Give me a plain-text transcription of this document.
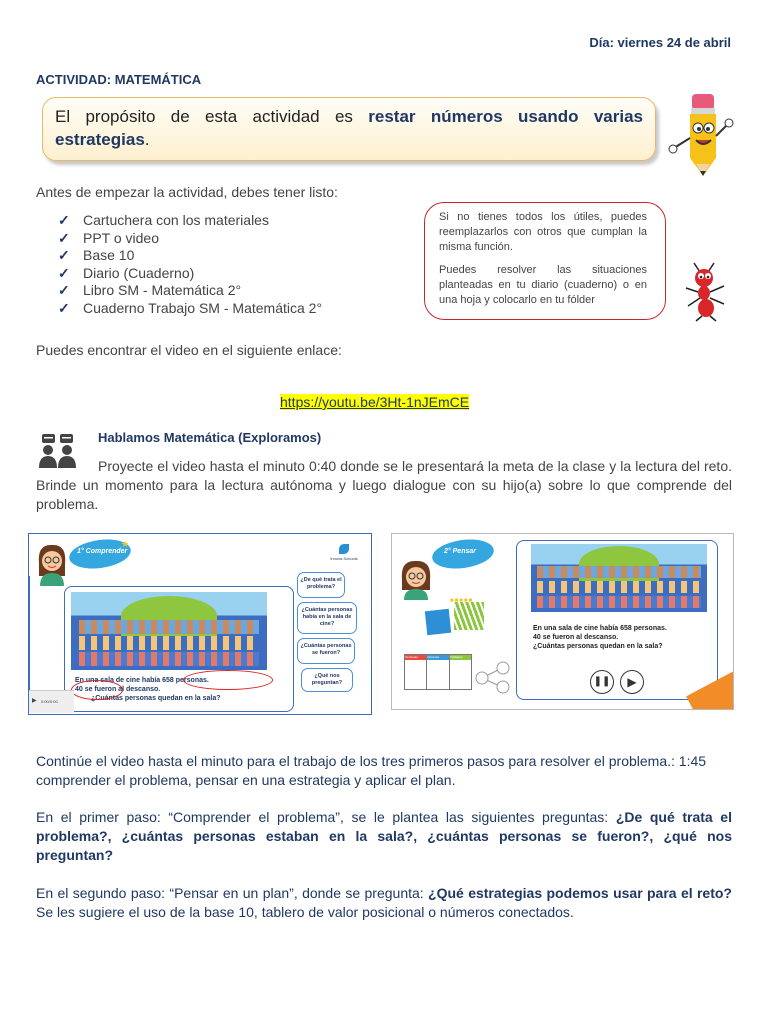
Día: viernes 24 de abril
ACTIVIDAD: MATEMÁTICA
El propósito de esta actividad es restar números usando varias estrategias.
Antes de empezar la actividad, debes tener listo:
✓ Cartuchera con los materiales
✓ PPT o video
✓ Base 10
✓ Diario (Cuaderno)
✓ Libro SM - Matemática 2°
✓ Cuaderno Trabajo SM - Matemática 2°

Si no tienes todos los útiles, puedes reemplazarlos con otros que cumplan la misma función.

Puedes resolver las situaciones planteadas en tu diario (cuaderno) o en una hoja y colocarlo en tu fólder

Puedes encontrar el video en el siguiente enlace:
https://youtu.be/3Ht-1nJEmCE
Hablamos Matemática (Exploramos)
Proyecte el video hasta el minuto 0:40 donde se le presentará la meta de la clase y la lectura del reto. Brinde un momento para la lectura autónoma y luego dialogue con su hijo(a) sobre lo que comprende del problema.
1° Comprender
★
Innova Schools
En una sala de cine había 658 personas.
40 se fueron al descanso.
¿Cuántas personas quedan en la sala?
¿De qué trata el problema?
¿Cuántas personas había en la sala de cine?
¿Cuántas personas se fueron?
¿Qué nos preguntan?
▶ 0:00/0:00
2° Pensar
■■■■■
Centenas	Decenas	Unidades
En una sala de cine había 658 personas.
40 se fueron al descanso.
¿Cuántas personas quedan en la sala?
❚❚	▶
Continúe el video hasta el minuto para el trabajo de los tres primeros pasos para resolver el problema.: 1:45 comprender el problema, pensar en una estrategia y aplicar el plan.
En el primer paso: “Comprender el problema”, se le plantea las siguientes preguntas: ¿De qué trata el problema?, ¿cuántas personas estaban en la sala?, ¿cuántas personas se fueron?, ¿qué nos preguntan?
En el segundo paso: “Pensar en un plan”, donde se pregunta: ¿Qué estrategias podemos usar para el reto? Se les sugiere el uso de la base 10, tablero de valor posicional o números conectados.
